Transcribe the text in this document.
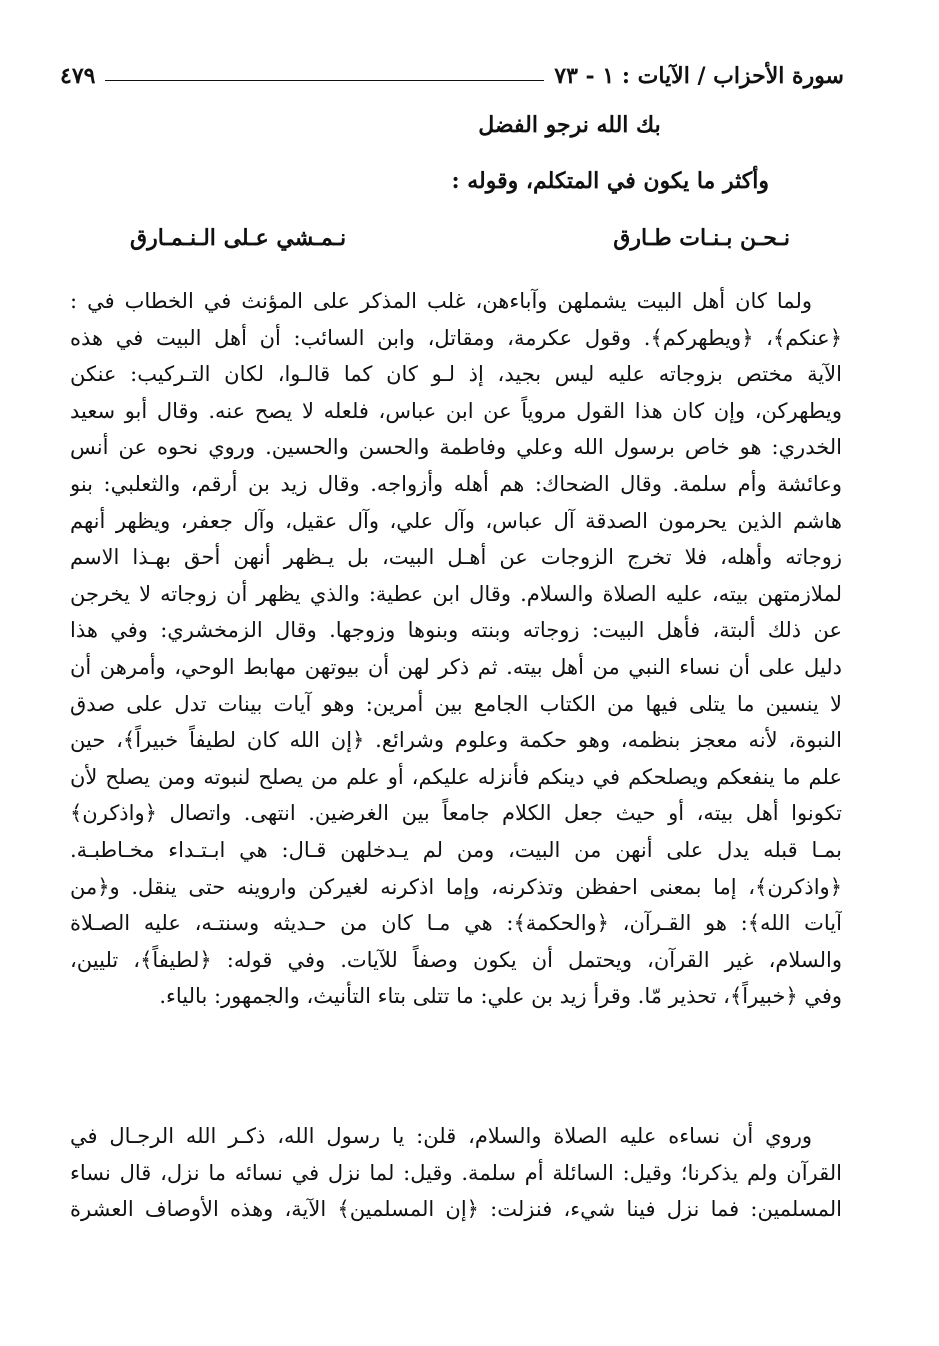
سورة الأحزاب / الآيات : ١ - ٧٣
٤٧٩
بك الله نرجو الفضل
وأكثر ما يكون في المتكلم، وقوله :
نـحـن بـنـات طـارق
نـمـشي عـلى الـنـمـارق
ولما كان أهل البيت يشملهن وآباءهن، غلب المذكر على المؤنث في الخطاب في :
﴿عنكم﴾، ﴿ويطهركم﴾. وقول عكرمة، ومقاتل، وابن السائب: أن أهل البيت في هذه
الآية مختص بزوجاته عليه ليس بجيد، إذ لـو كان كما قالـوا، لكان التـركيب: عنكن
ويطهركن، وإن كان هذا القول مروياً عن ابن عباس، فلعله لا يصح عنه. وقال أبو سعيد
الخدري: هو خاص برسول الله وعلي وفاطمة والحسن والحسين. وروي نحوه عن أنس
وعائشة وأم سلمة. وقال الضحاك: هم أهله وأزواجه. وقال زيد بن أرقم، والثعلبي: بنو
هاشم الذين يحرمون الصدقة آل عباس، وآل علي، وآل عقيل، وآل جعفر، ويظهر أنهم
زوجاته وأهله، فلا تخرج الزوجات عن أهـل البيت، بل يـظهر أنهن أحق بهـذا الاسم
لملازمتهن بيته، عليه الصلاة والسلام. وقال ابن عطية: والذي يظهر أن زوجاته لا يخرجن
عن ذلك ألبتة، فأهل البيت: زوجاته وبنته وبنوها وزوجها. وقال الزمخشري: وفي هذا
دليل على أن نساء النبي من أهل بيته. ثم ذكر لهن أن بيوتهن مهابط الوحي، وأمرهن أن
لا ينسين ما يتلى فيها من الكتاب الجامع بين أمرين: وهو آيات بينات تدل على صدق
النبوة، لأنه معجز بنظمه، وهو حكمة وعلوم وشرائع. ﴿إن الله كان لطيفاً خبيراً﴾، حين
علم ما ينفعكم ويصلحكم في دينكم فأنزله عليكم، أو علم من يصلح لنبوته ومن يصلح لأن
تكونوا أهل بيته، أو حيث جعل الكلام جامعاً بين الغرضين. انتهى. واتصال ﴿واذكرن﴾
بمـا قبله يدل على أنهن من البيت، ومن لم يـدخلهن قـال: هي ابـتـداء مخـاطبـة.
﴿واذكرن﴾، إما بمعنى احفظن وتذكرنه، وإما اذكرنه لغيركن واروينه حتى ينقل. و﴿من
آيات الله﴾: هو القـرآن، ﴿والحكمة﴾: هي مـا كان من حـديثه وسنتـه، عليه الصـلاة
والسلام، غير القرآن، ويحتمل أن يكون وصفاً للآيات. وفي قوله: ﴿لطيفاً﴾، تليين،
وفي ﴿خبيراً﴾، تحذير مّا. وقرأ زيد بن علي: ما تتلى بتاء التأنيث، والجمهور: بالياء.
وروي أن نساءه عليه الصلاة والسلام، قلن: يا رسول الله، ذكـر الله الرجـال في
القرآن ولم يذكرنا؛ وقيل: السائلة أم سلمة. وقيل: لما نزل في نسائه ما نزل، قال نساء
المسلمين: فما نزل فينا شيء، فنزلت: ﴿إن المسلمين﴾ الآية، وهذه الأوصاف العشرة
